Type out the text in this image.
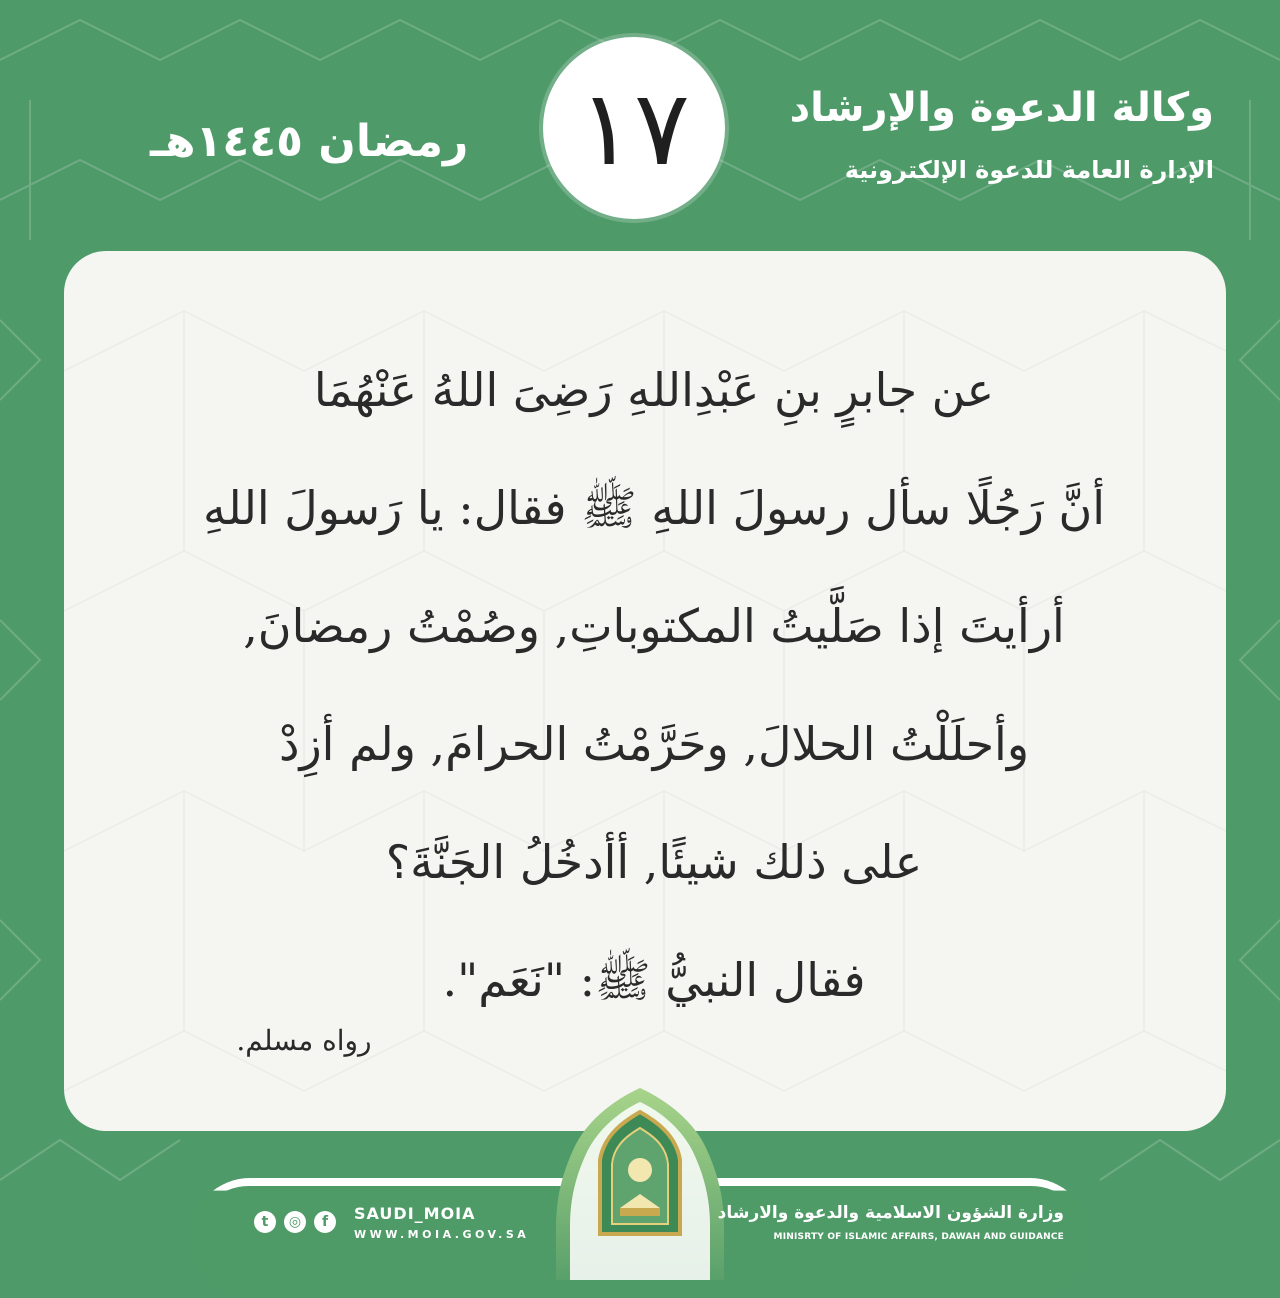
وكالة الدعوة والإرشاد
الإدارة العامة للدعوة الإلكترونية
١٧
رمضان ١٤٤٥هـ
عن جابرٍ بنِ عَبْدِاللهِ رَضِىَ اللهُ عَنْهُمَا
أنَّ رَجُلًا سأل رسولَ اللهِ ﷺ فقال: يا رَسولَ اللهِ
أرأيتَ إذا صَلَّيتُ المكتوباتِ, وصُمْتُ رمضانَ,
وأحلَلْتُ الحلالَ, وحَرَّمْتُ الحرامَ, ولم أزِدْ
على ذلك شيئًا, أأدخُلُ الجَنَّةَ؟
فقال النبيُّ ﷺ: "نَعَم".
رواه مسلم.
t	◎	f	SAUDI_MOIA
WWW.MOIA.GOV.SA
وزارة الشؤون الاسلامية والدعوة والارشاد
MINISRTY OF ISLAMIC AFFAIRS, DAWAH AND GUIDANCE
